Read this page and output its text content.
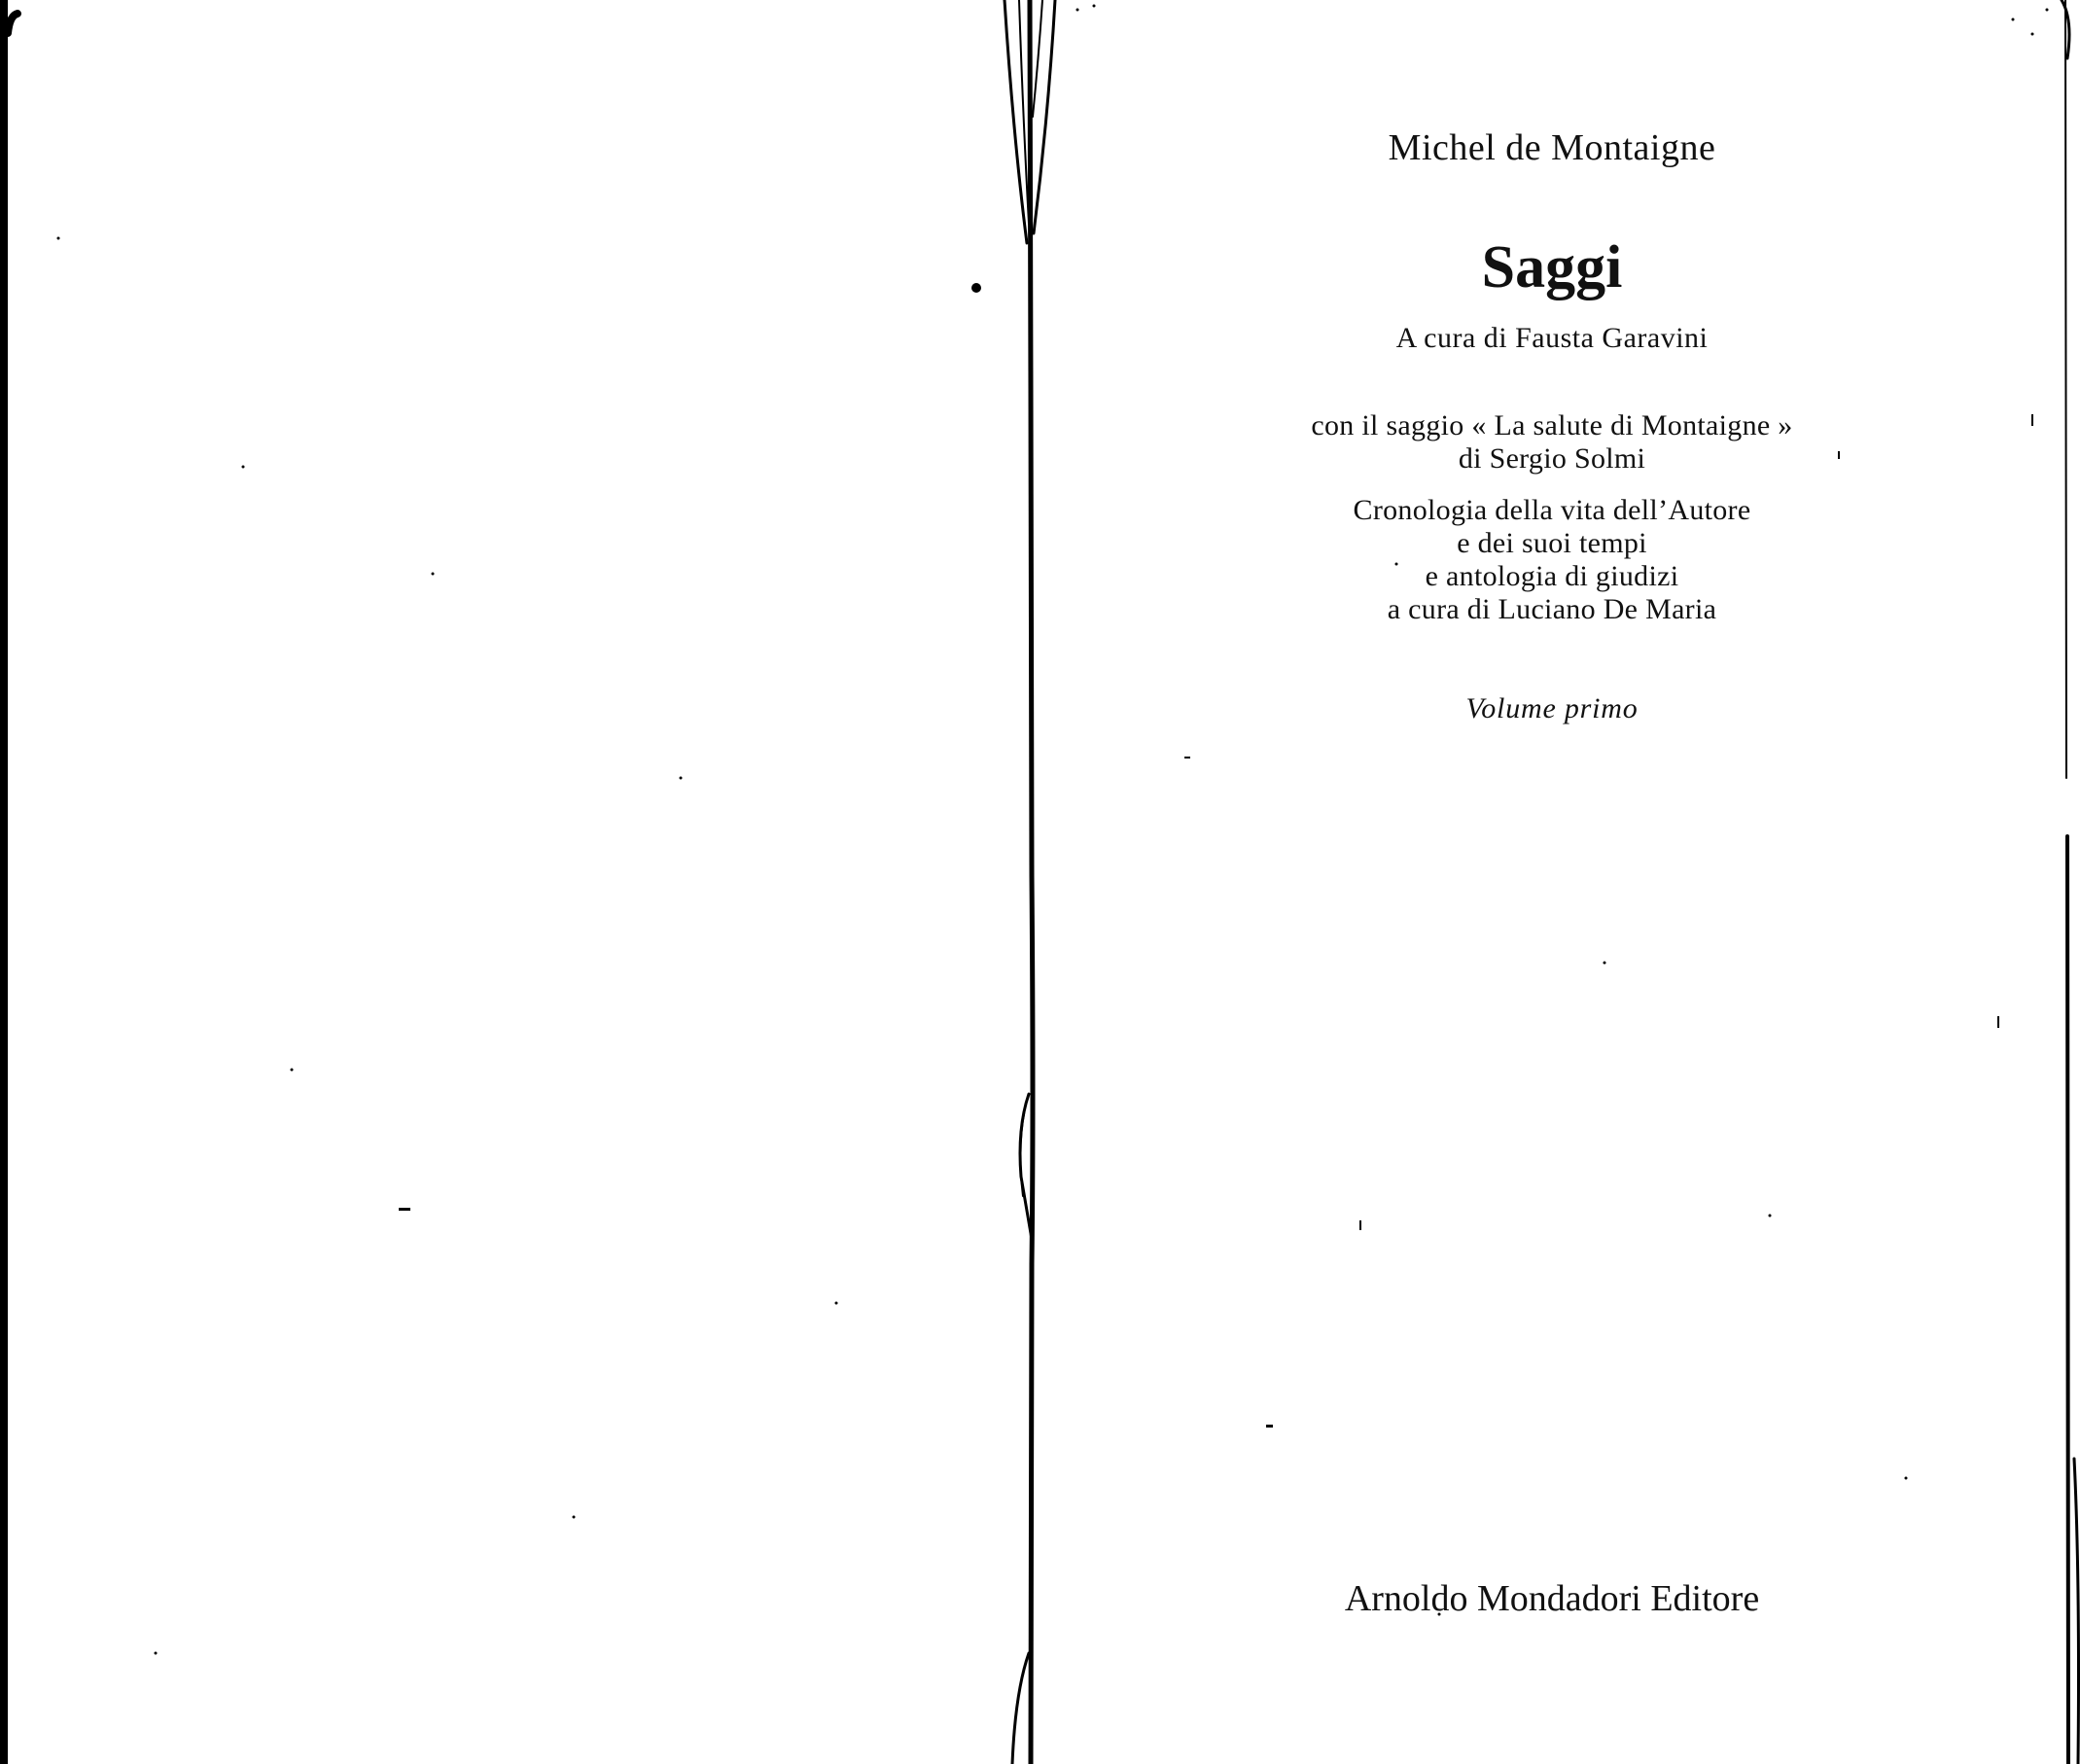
Michel de Montaigne
Saggi
A cura di Fausta Garavini
con il saggio « La salute di Montaigne »
di Sergio Solmi
Cronologia della vita dell’Autore
e dei suoi tempi
e antologia di giudizi
a cura di Luciano De Maria
Volume primo
Arnoldo Mondadori Editore
